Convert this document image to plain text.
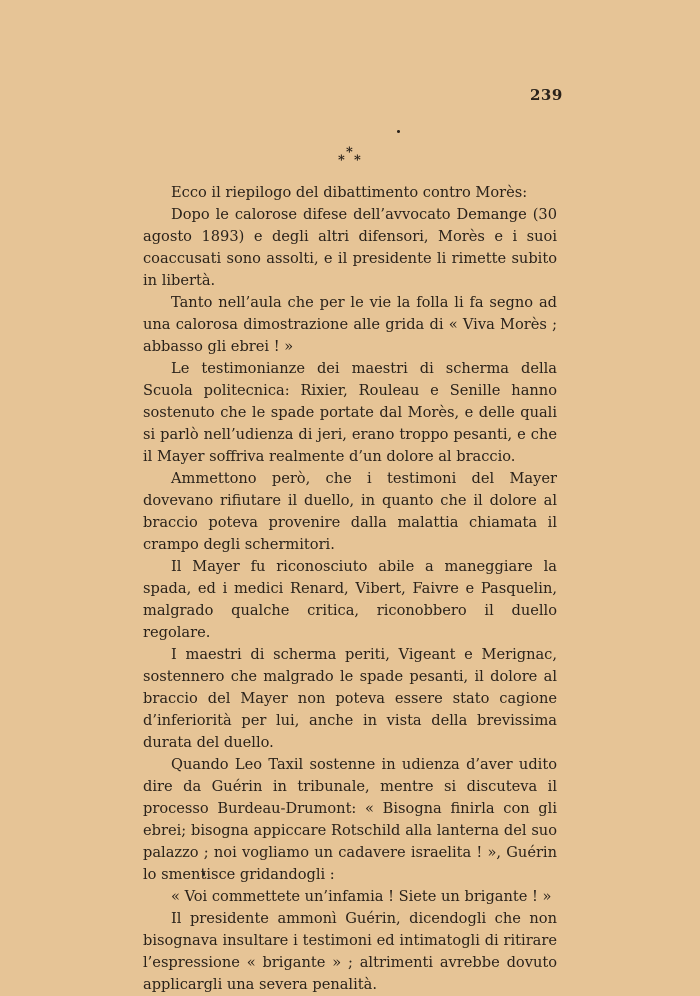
239
*
* *

Ecco il riepilogo del dibattimento contro Morès:

Dopo le calorose difese dell’avvocato Demange (30 agosto 1893) e degli altri difensori, Morès e i suoi coaccusati sono assolti, e il presidente li rimette subito in libertà.

Tanto nell’aula che per le vie la folla li fa segno ad una calorosa dimostrazione alle grida di « Viva Morès ; abbasso gli ebrei ! »

Le testimonianze dei maestri di scherma della Scuola politecnica: Rixier, Rouleau e Senille hanno sostenuto che le spade portate dal Morès, e delle quali si parlò nell’udienza di jeri, erano troppo pesanti, e che il Mayer soffriva realmente d’un dolore al braccio.

Ammettono però, che i testimoni del Mayer dovevano rifiutare il duello, in quanto che il dolore al braccio poteva provenire dalla malattia chiamata il crampo degli schermitori.

Il Mayer fu riconosciuto abile a maneggiare la spada, ed i medici Renard, Vibert, Faivre e Pasquelin, malgrado qualche critica, riconobbero il duello regolare.

I maestri di scherma periti, Vigeant e Merignac, sostennero che malgrado le spade pesanti, il dolore al braccio del Mayer non poteva essere stato cagione d’inferiorità per lui, anche in vista della brevissima durata del duello.

Quando Leo Taxil sostenne in udienza d’aver udito dire da Guérin in tribunale, mentre si discuteva il processo Burdeau-Drumont: « Bisogna finirla con gli ebrei; bisogna appiccare Rotschild alla lanterna del suo palazzo ; noi vogliamo un cadavere israelita ! », Guérin lo smentisce gridandogli :

« Voi commettete un’infamia ! Siete un brigante ! »

Il presidente ammonì Guérin, dicendogli che non bisognava insultare i testimoni ed intimatogli di ritirare l’espressione « brigante » ; altrimenti avrebbe dovuto applicargli una severa penalità.
